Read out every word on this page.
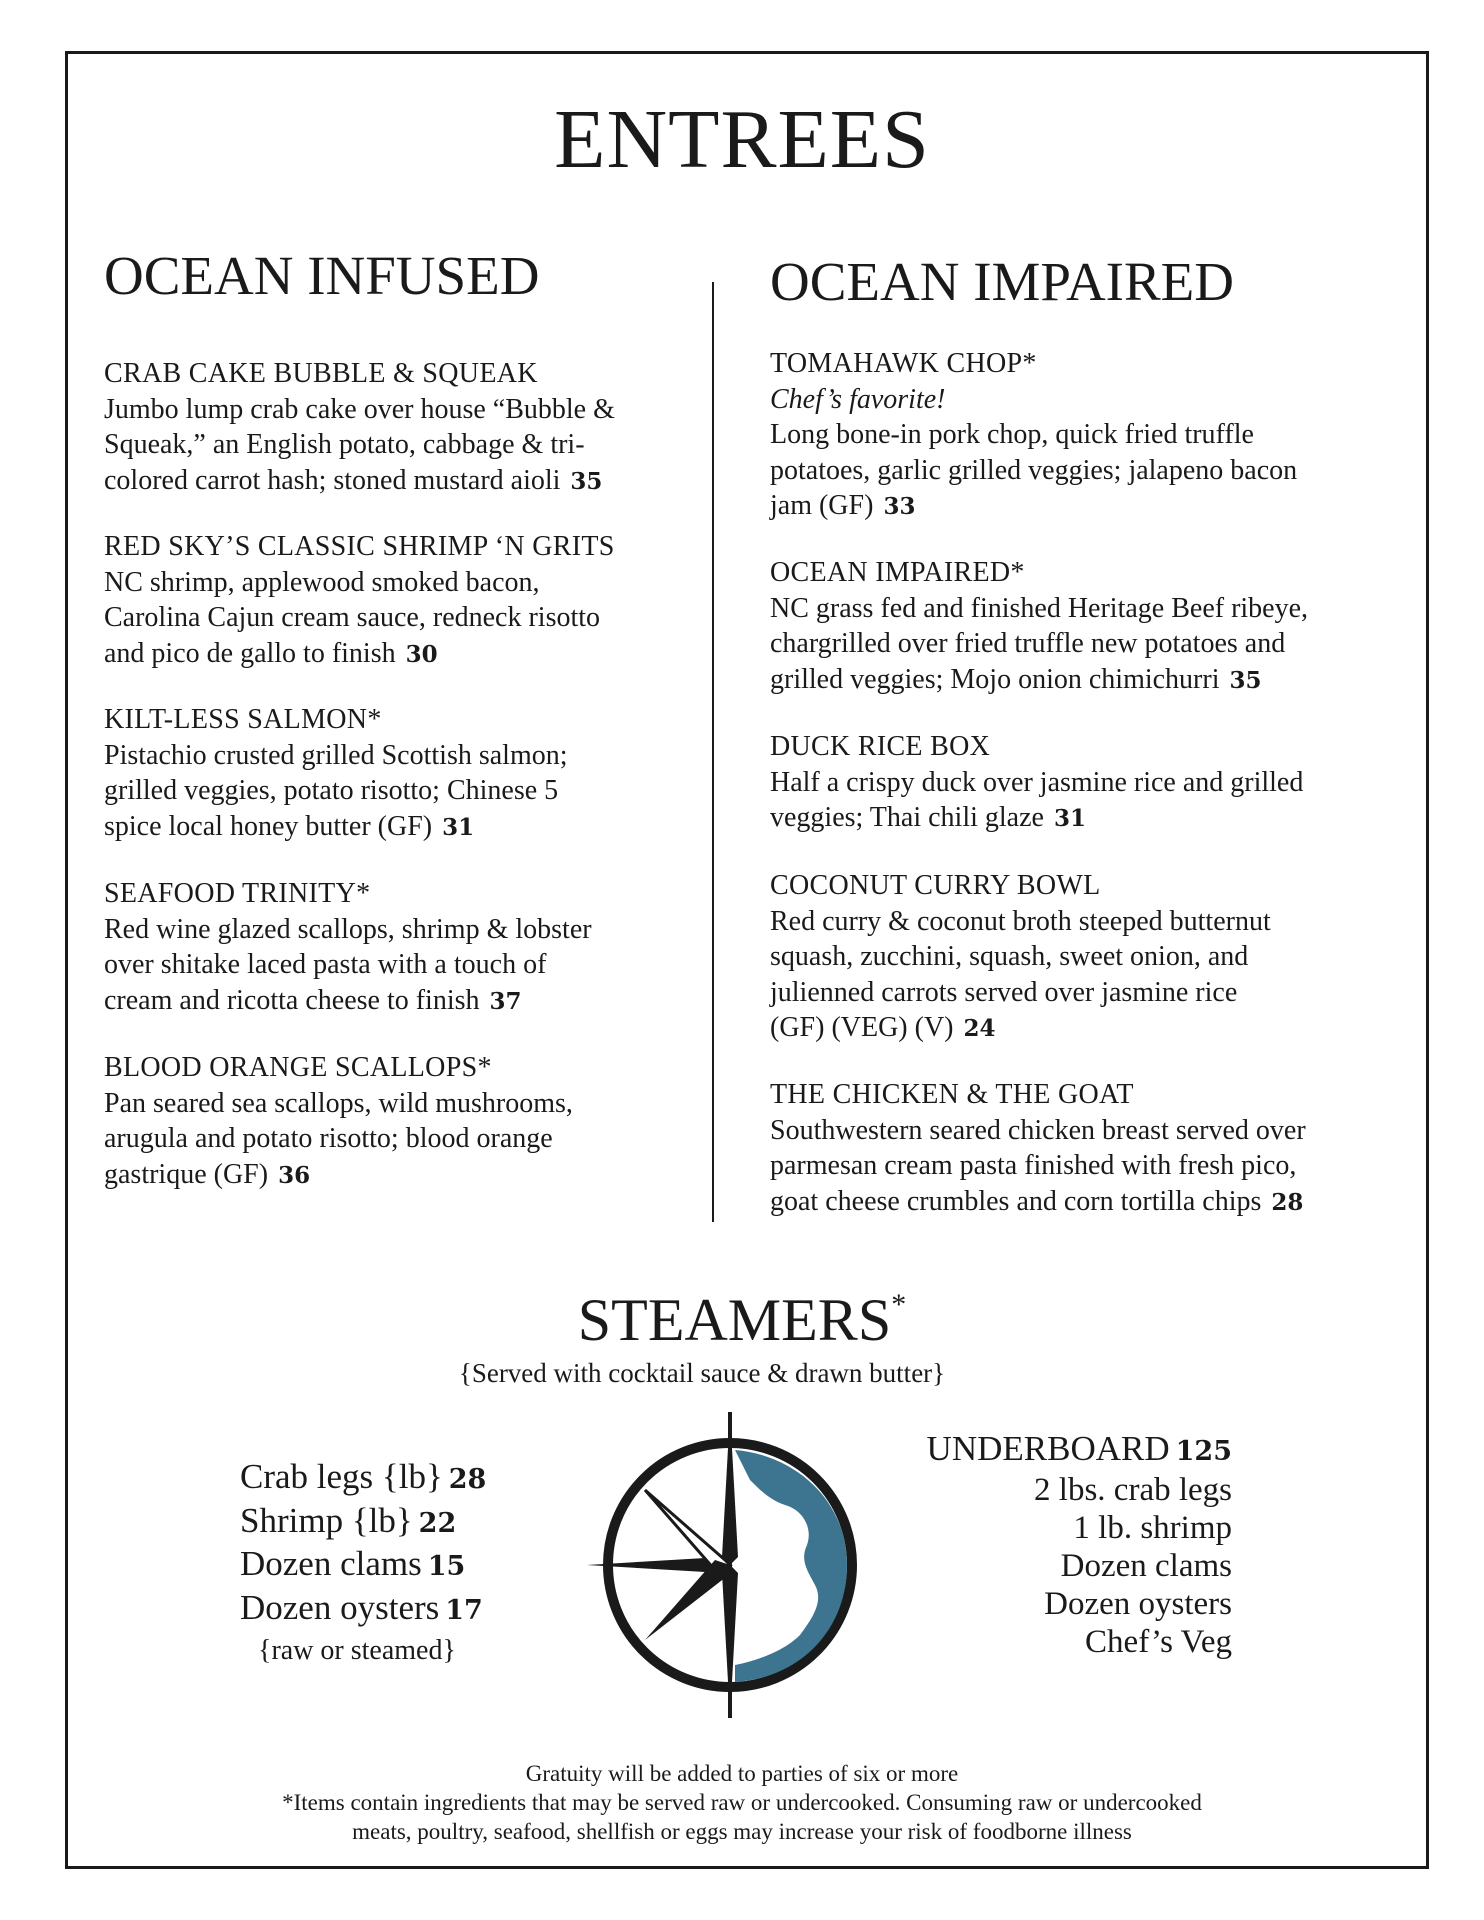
ENTREES
OCEAN INFUSED
CRAB CAKE BUBBLE & SQUEAK
Jumbo lump crab cake over house “Bubble &
Squeak,” an English potato, cabbage & tri-
colored carrot hash; stoned mustard aioli 35
RED SKY’S CLASSIC SHRIMP ‘N GRITS
NC shrimp, applewood smoked bacon,
Carolina Cajun cream sauce, redneck risotto
and pico de gallo to finish 30
KILT-LESS SALMON*
Pistachio crusted grilled Scottish salmon;
grilled veggies, potato risotto; Chinese 5
spice local honey butter (GF) 31
SEAFOOD TRINITY*
Red wine glazed scallops, shrimp & lobster
over shitake laced pasta with a touch of
cream and ricotta cheese to finish 37
BLOOD ORANGE SCALLOPS*
Pan seared sea scallops, wild mushrooms,
arugula and potato risotto; blood orange
gastrique (GF) 36
OCEAN IMPAIRED
TOMAHAWK CHOP*
Chef’s favorite!
Long bone-in pork chop, quick fried truffle
potatoes, garlic grilled veggies; jalapeno bacon
jam (GF) 33
OCEAN IMPAIRED*
NC grass fed and finished Heritage Beef ribeye,
chargrilled over fried truffle new potatoes and
grilled veggies; Mojo onion chimichurri 35
DUCK RICE BOX
Half a crispy duck over jasmine rice and grilled
veggies; Thai chili glaze 31
COCONUT CURRY BOWL
Red curry & coconut broth steeped butternut
squash, zucchini, squash, sweet onion, and
julienned carrots served over jasmine rice
(GF) (VEG) (V) 24
THE CHICKEN & THE GOAT
Southwestern seared chicken breast served over
parmesan cream pasta finished with fresh pico,
goat cheese crumbles and corn tortilla chips 28
STEAMERS*
{Served with cocktail sauce & drawn butter}
Crab legs {lb} 28
Shrimp {lb} 22
Dozen clams 15
Dozen oysters 17
{raw or steamed}
UNDERBOARD 125
2 lbs. crab legs
1 lb. shrimp
Dozen clams
Dozen oysters
Chef’s Veg
Gratuity will be added to parties of six or more
*Items contain ingredients that may be served raw or undercooked. Consuming raw or undercooked
meats, poultry, seafood, shellfish or eggs may increase your risk of foodborne illness
